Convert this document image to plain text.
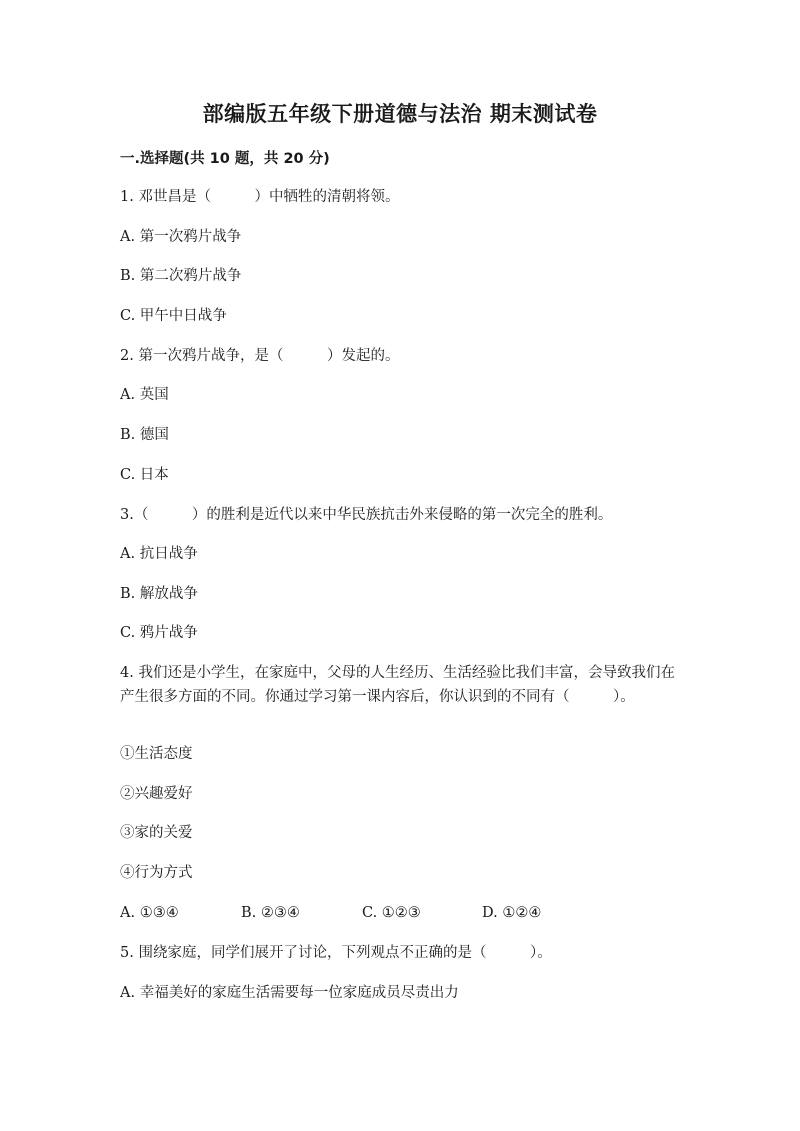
部编版五年级下册道德与法治 期末测试卷
一.选择题(共 10 题，共 20 分)
1. 邓世昌是（　　　）中牺牲的清朝将领。
A. 第一次鸦片战争
B. 第二次鸦片战争
C. 甲午中日战争
2. 第一次鸦片战争，是（　　　）发起的。
A. 英国
B. 德国
C. 日本
3.（　　　）的胜利是近代以来中华民族抗击外来侵略的第一次完全的胜利。
A. 抗日战争
B. 解放战争
C. 鸦片战争
4. 我们还是小学生，在家庭中，父母的人生经历、生活经验比我们丰富，会导致我们在产生很多方面的不同。你通过学习第一课内容后，你认识到的不同有（　　　）。
①生活态度
②兴趣爱好
③家的关爱
④行为方式
A. ①③④	B. ②③④	C. ①②③	D. ①②④
5. 围绕家庭，同学们展开了讨论，下列观点不正确的是（　　　）。
A. 幸福美好的家庭生活需要每一位家庭成员尽责出力
